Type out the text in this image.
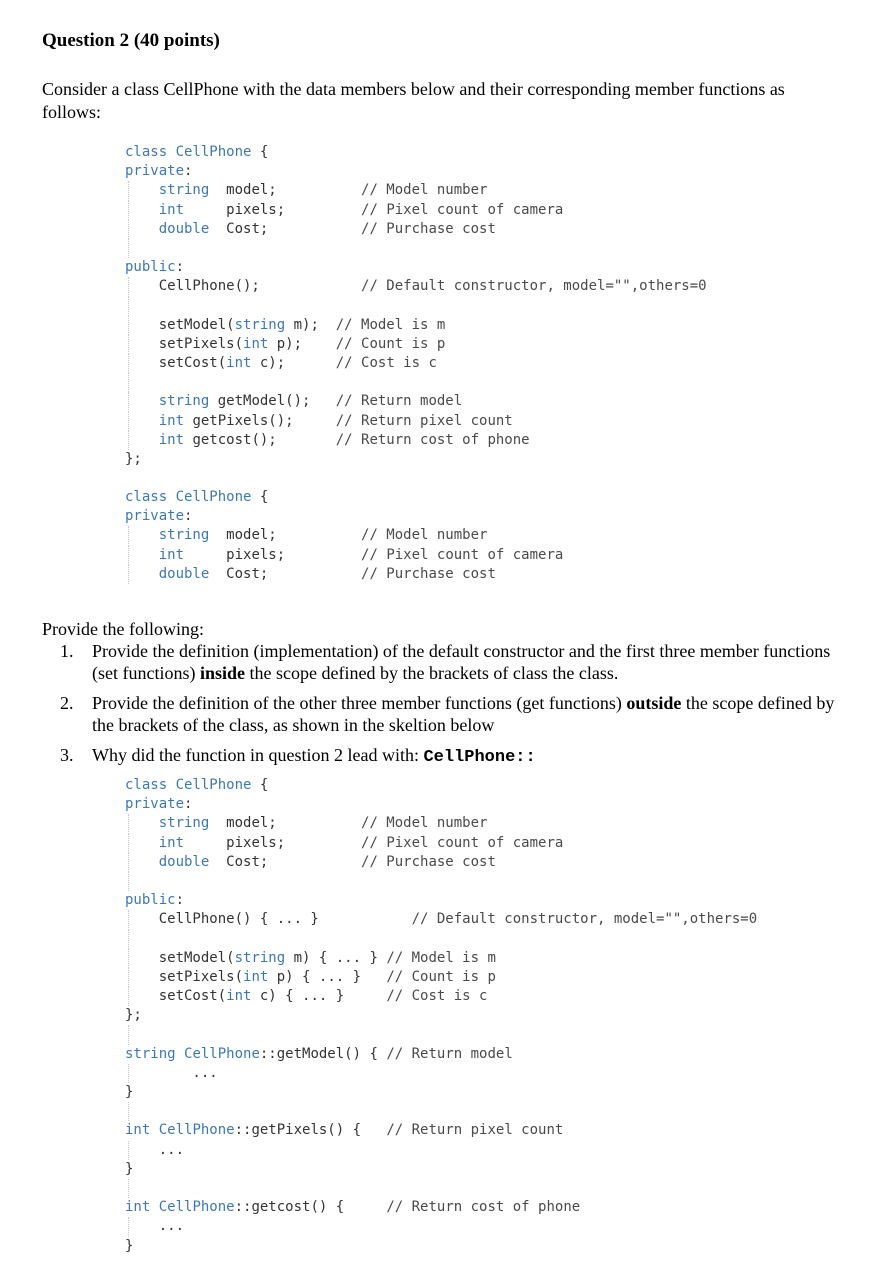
Question 2 (40 points)
Consider a class CellPhone with the data members below and their corresponding member functions as follows:
class CellPhone {
private:
string  model;          // Model number
int     pixels;         // Pixel count of camera
double  Cost;           // Purchase cost

public:
CellPhone();            // Default constructor, model="",others=0

setModel(string m);  // Model is m
setPixels(int p);    // Count is p
setCost(int c);      // Cost is c

string getModel();   // Return model
int getPixels();     // Return pixel count
int getcost();       // Return cost of phone
};
class CellPhone {
private:
string  model;          // Model number
int     pixels;         // Pixel count of camera
double  Cost;           // Purchase cost
Provide the following:
1. Provide the definition (implementation) of the default constructor and the first three member functions (set functions) inside the scope defined by the brackets of class the class.
2. Provide the definition of the other three member functions (get functions) outside the scope defined by the brackets of the class, as shown in the skeltion below
3. Why did the function in question 2 lead with: CellPhone::
class CellPhone {
private:
string  model;          // Model number
int     pixels;         // Pixel count of camera
double  Cost;           // Purchase cost

public:
CellPhone() { ... }           // Default constructor, model="",others=0

setModel(string m) { ... } // Model is m
setPixels(int p) { ... }   // Count is p
setCost(int c) { ... }     // Cost is c
};

string CellPhone::getModel() { // Return model
...
}

int CellPhone::getPixels() {   // Return pixel count
...
}

int CellPhone::getcost() {     // Return cost of phone
...
}
